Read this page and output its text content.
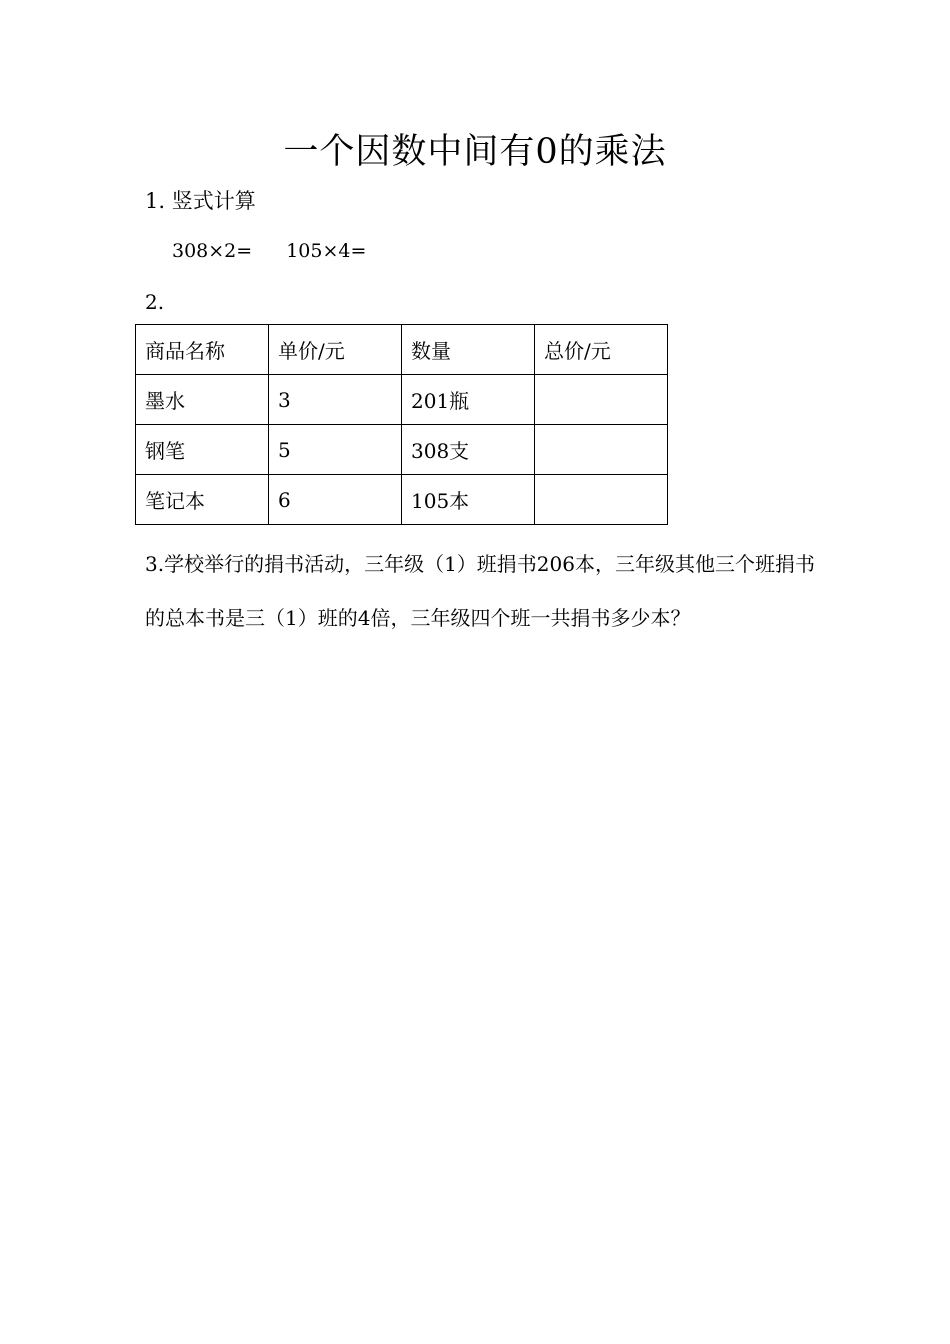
一个因数中间有0的乘法
1. 竖式计算
308×2= 105×4=
2.
商品名称	单价/元	数量	总价/元
墨水	3	201瓶	
钢笔	5	308支	
笔记本	6	105本	
3.学校举行的捐书活动，三年级（1）班捐书206本，三年级其他三个班捐书的总本书是三（1）班的4倍，三年级四个班一共捐书多少本？
